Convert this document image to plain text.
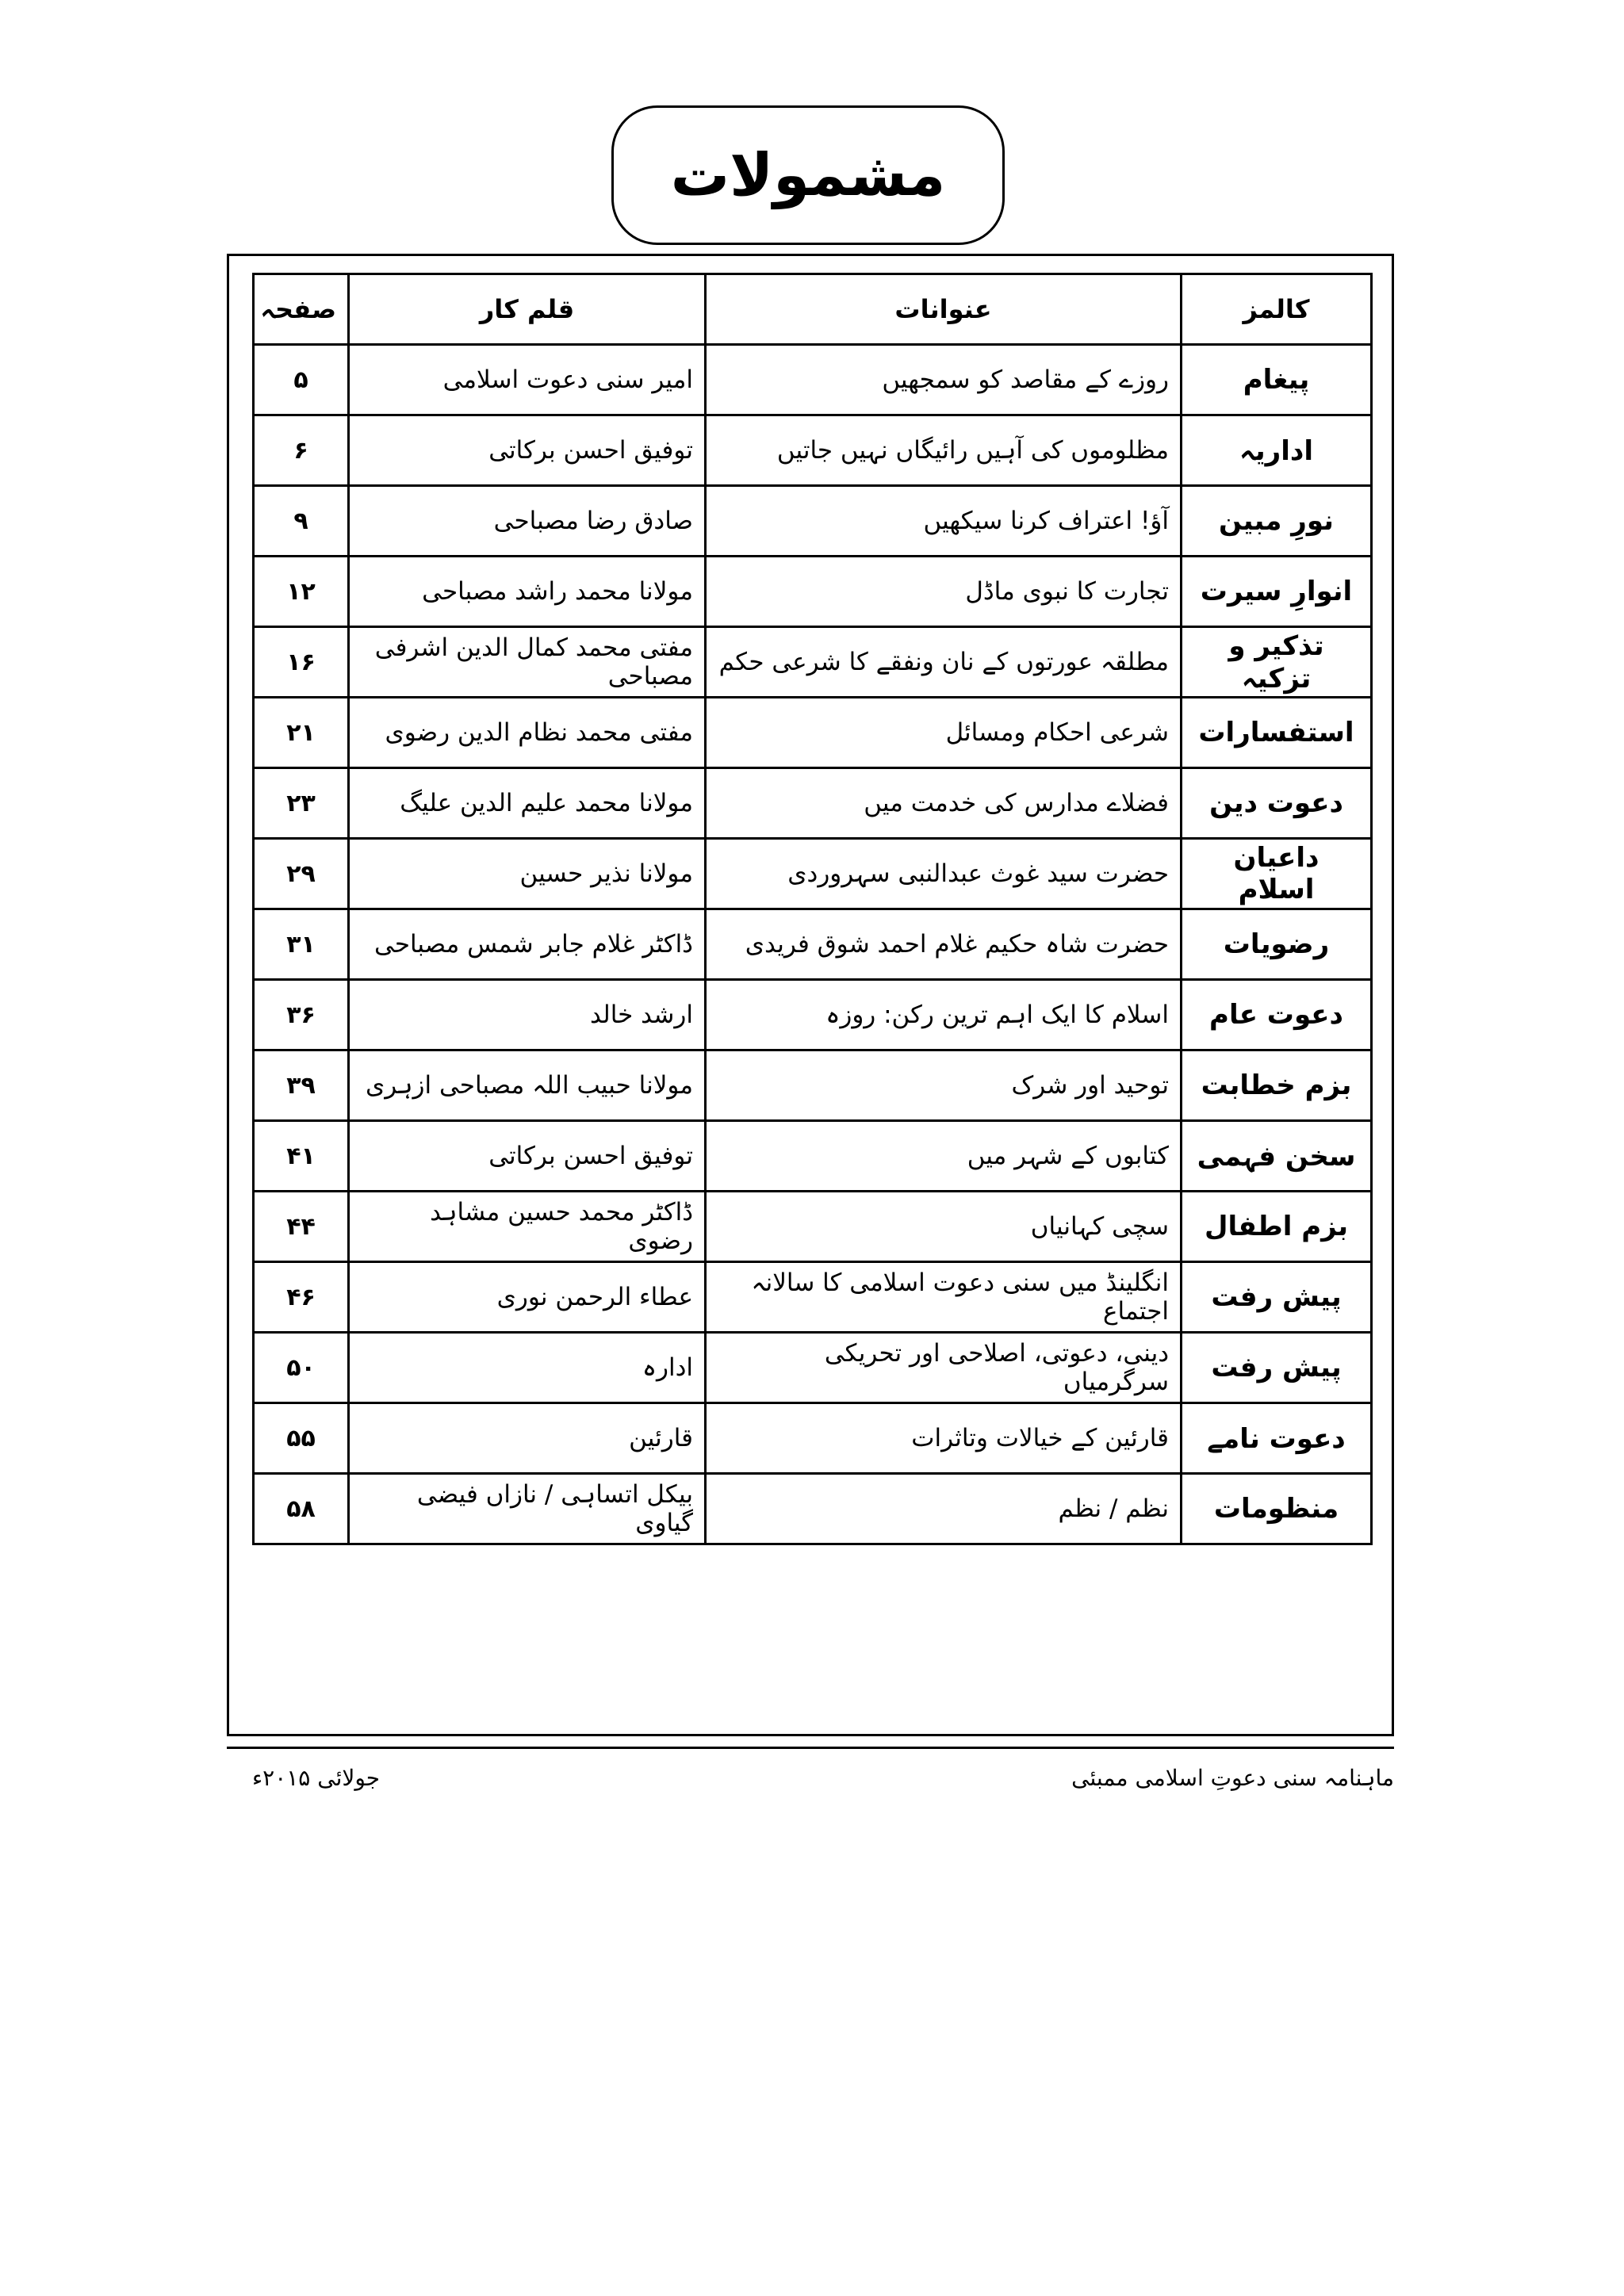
مشمولات
کالمز	عنوانات	قلم کار	صفحہ
پیغام	روزے کے مقاصد کو سمجھیں	امیر سنی دعوت اسلامی	۵
اداریہ	مظلوموں کی آہیں رائیگاں نہیں جاتیں	توفیق احسن برکاتی	۶
نورِ مبین	آؤ! اعتراف کرنا سیکھیں	صادق رضا مصباحی	۹
انوارِ سیرت	تجارت کا نبوی ماڈل	مولانا محمد راشد مصباحی	۱۲
تذکیر و تزکیہ	مطلقہ عورتوں کے نان ونفقے کا شرعی حکم	مفتی محمد کمال الدین اشرفی مصباحی	۱۶
استفسارات	شرعی احکام ومسائل	مفتی محمد نظام الدین رضوی	۲۱
دعوت دین	فضلاے مدارس کی خدمت میں	مولانا محمد علیم الدین علیگ	۲۳
داعیان اسلام	حضرت سید غوث عبدالنبی سہروردی	مولانا نذیر حسین	۲۹
رضویات	حضرت شاہ حکیم غلام احمد شوق فریدی	ڈاکٹر غلام جابر شمس مصباحی	۳۱
دعوت عام	اسلام کا ایک اہم ترین رکن: روزہ	ارشد خالد	۳۶
بزم خطابت	توحید اور شرک	مولانا حبیب اللہ مصباحی ازہری	۳۹
سخن فہمی	کتابوں کے شہر میں	توفیق احسن برکاتی	۴۱
بزم اطفال	سچی کہانیاں	ڈاکٹر محمد حسین مشاہد رضوی	۴۴
پیش رفت	انگلینڈ میں سنی دعوت اسلامی کا سالانہ اجتماع	عطاء الرحمن نوری	۴۶
پیش رفت	دینی، دعوتی، اصلاحی اور تحریکی سرگرمیاں	ادارہ	۵۰
دعوت نامے	قارئین کے خیالات وتاثرات	قارئین	۵۵
منظومات	نظم / نظم	بیکل اتساہی / نازاں فیضی گیاوی	۵۸
ماہنامہ سنی دعوتِ اسلامی ممبئی
جولائی ۲۰۱۵ء
